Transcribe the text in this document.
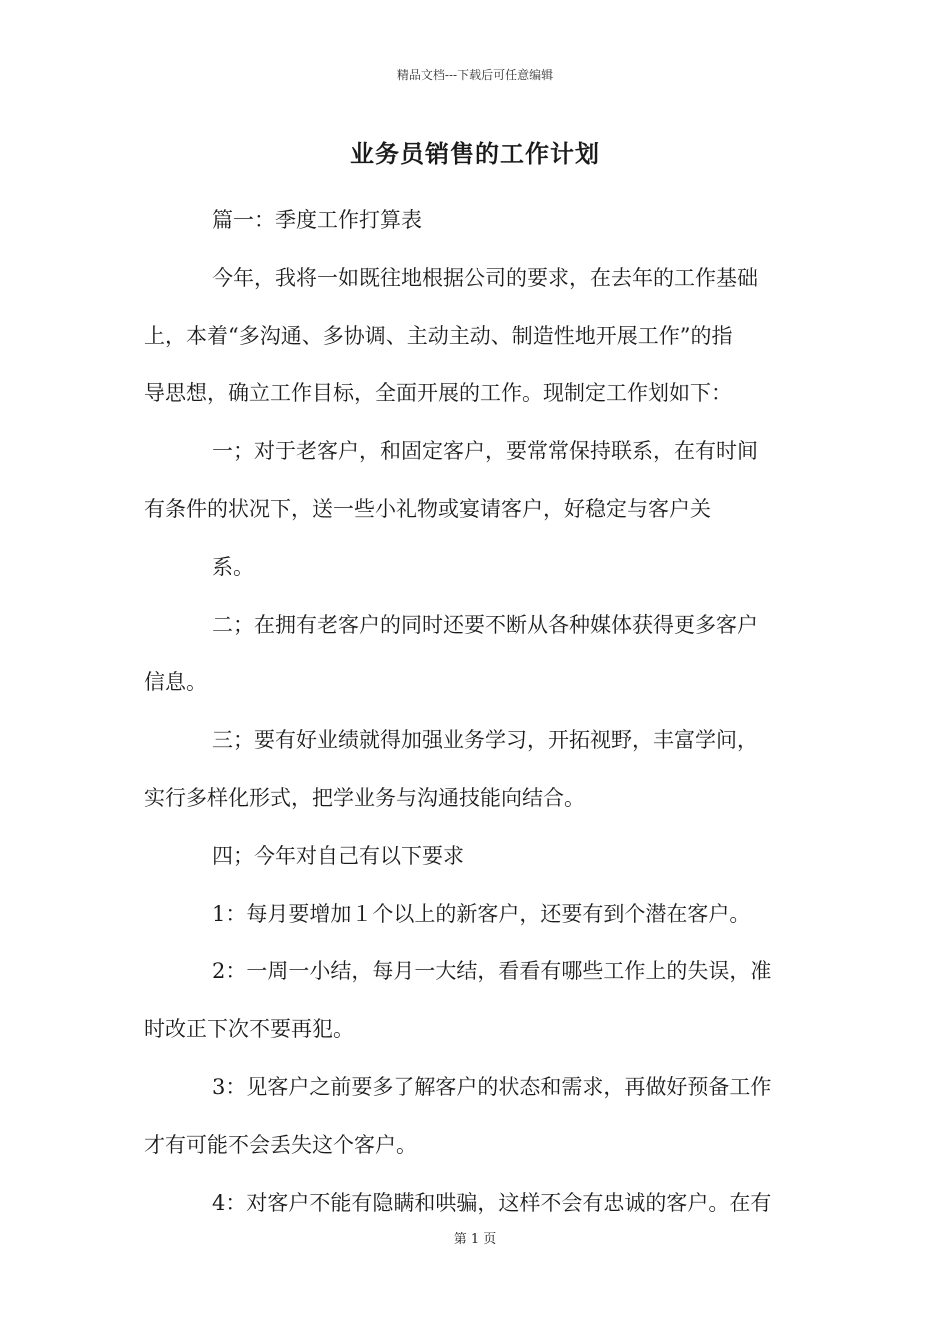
精品文档---下载后可任意编辑
业务员销售的工作计划
篇一：季度工作打算表
今年，我将一如既往地根据公司的要求，在去年的工作基础
上，本着“多沟通、多协调、主动主动、制造性地开展工作”的指
导思想，确立工作目标，全面开展的工作。现制定工作划如下：
一；对于老客户，和固定客户，要常常保持联系，在有时间
有条件的状况下，送一些小礼物或宴请客户，好稳定与客户关
系。
二；在拥有老客户的同时还要不断从各种媒体获得更多客户
信息。
三；要有好业绩就得加强业务学习，开拓视野，丰富学问，
实行多样化形式，把学业务与沟通技能向结合。
四；今年对自己有以下要求
1：每月要增加１个以上的新客户，还要有到个潜在客户。
2：一周一小结，每月一大结，看看有哪些工作上的失误，准
时改正下次不要再犯。
3：见客户之前要多了解客户的状态和需求，再做好预备工作
才有可能不会丢失这个客户。
4：对客户不能有隐瞒和哄骗，这样不会有忠诚的客户。在有
第 1 页
